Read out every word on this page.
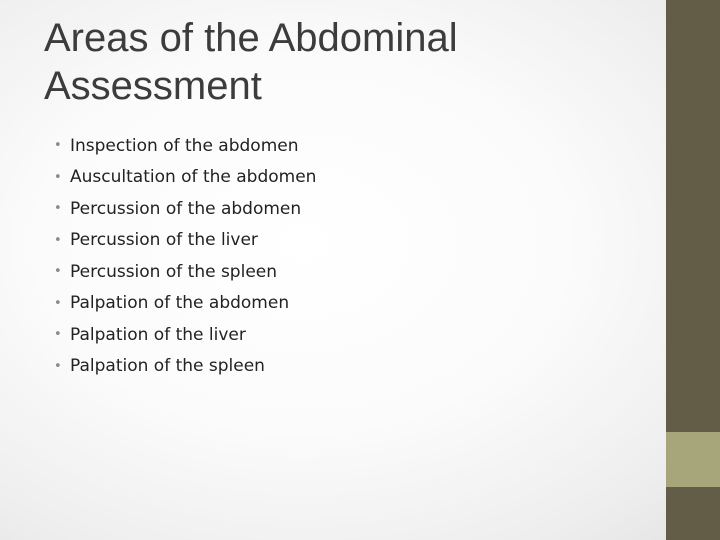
Areas of the Abdominal
Assessment
• Inspection of the abdomen
• Auscultation of the abdomen
• Percussion of the abdomen
• Percussion of the liver
• Percussion of the spleen
• Palpation of the abdomen
• Palpation of the liver
• Palpation of the spleen
